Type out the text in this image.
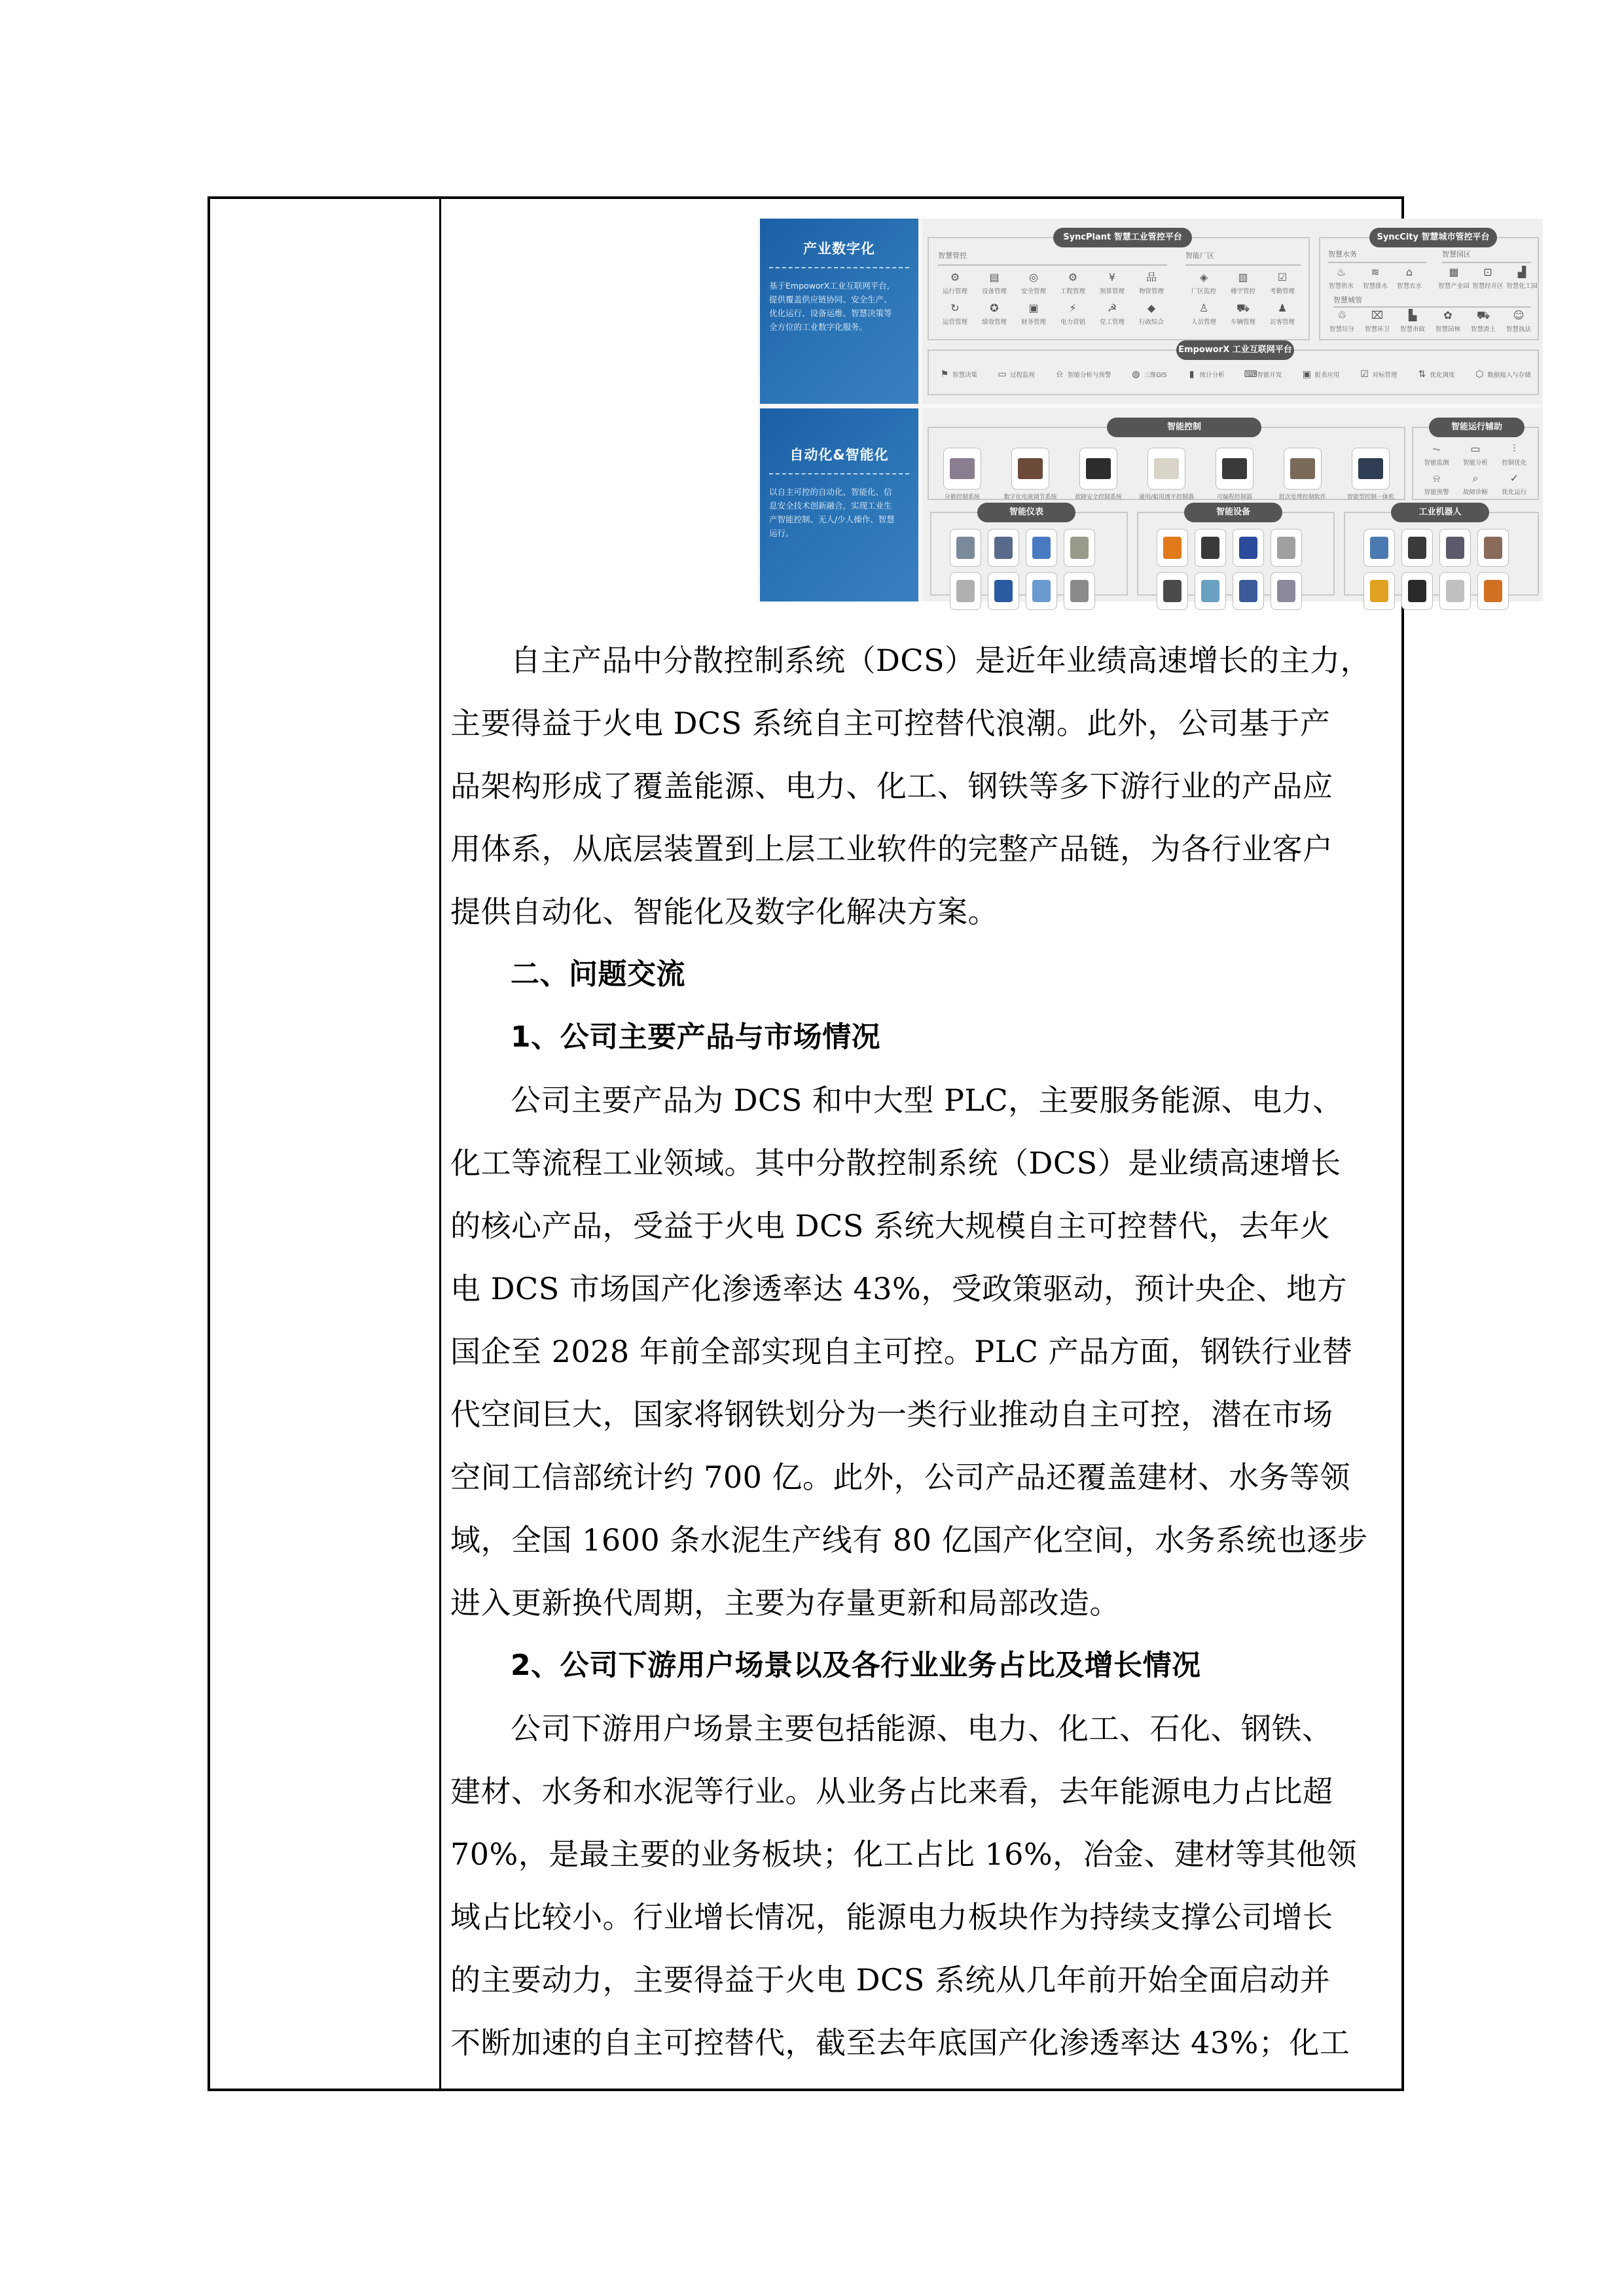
产业数字化
基于EmpoworX工业互联网平台,
提供覆盖供应链协同、安全生产、
优化运行、设备运维、智慧决策等
全方位的工业数字化服务。
SyncPlant 智慧工业管控平台
智慧管控	智能厂区
⚙
运行管理
▤
设备管理
◎
安全管理
⚙
工程管理
¥
预算管理
品
物资管理
↻
运营管理
✪
绩效管理
▣
财务管理
⚡
电力营销
☭
党工管理
◆
行政综合
◈
厂区监控
▥
楼宇管控
☑
考勤管理
♙
人员管理
⛟
车辆管理
♟
访客管理
SyncCity 智慧城市管控平台
智慧水务	智慧园区
♨
智慧供水
≋
智慧排水
⌂
智慧农水
▦
智慧产业园
⊡
智慧经开区
▟
智慧化工园
智慧城管
♲
智慧垃分
⌧
智慧环卫
▙
智慧市政
✿
智慧园林
⛟
智慧渣土
☺
智慧执法
EmpoworX 工业互联网平台
⚑ 智慧决策 ▭ 过程监视 ⍾ 智能分析与预警 ◍ 三维GIS ▮ 统计分析 ⌨ 智能开发 ▣ 报表应用 ☑ 对标管理 ⇅ 优化调度 ⬡ 数据接入与存储
自动化&智能化
以自主可控的自动化、智能化、信
息安全技术创新融合，实现工业生
产智能控制、无人/少人操作、智慧
运行。
智能控制
分散控制系统	数字化电液调节系统	故障安全控制系统	通用/船用透平控制器	可编程控制器	批次处理控制软件	智能型控制一体机
智能运行辅助
⏦
智能监测
▭
智能分析
⫶
控制优化
⍾
智能预警
⌕
故障诊断
✓
优化运行
智能仪表	智能设备	工业机器人
自主产品中分散控制系统（DCS）是近年业绩高速增长的主力，
主要得益于火电 DCS 系统自主可控替代浪潮。此外，公司基于产
品架构形成了覆盖能源、电力、化工、钢铁等多下游行业的产品应
用体系，从底层装置到上层工业软件的完整产品链，为各行业客户
提供自动化、智能化及数字化解决方案。
二、问题交流
1、公司主要产品与市场情况
公司主要产品为 DCS 和中大型 PLC，主要服务能源、电力、
化工等流程工业领域。其中分散控制系统（DCS）是业绩高速增长
的核心产品，受益于火电 DCS 系统大规模自主可控替代，去年火
电 DCS 市场国产化渗透率达 43%，受政策驱动，预计央企、地方
国企至 2028 年前全部实现自主可控。PLC 产品方面，钢铁行业替
代空间巨大，国家将钢铁划分为一类行业推动自主可控，潜在市场
空间工信部统计约 700 亿。此外，公司产品还覆盖建材、水务等领
域，全国 1600 条水泥生产线有 80 亿国产化空间，水务系统也逐步
进入更新换代周期，主要为存量更新和局部改造。
2、公司下游用户场景以及各行业业务占比及增长情况
公司下游用户场景主要包括能源、电力、化工、石化、钢铁、
建材、水务和水泥等行业。从业务占比来看，去年能源电力占比超
70%，是最主要的业务板块；化工占比 16%，冶金、建材等其他领
域占比较小。行业增长情况，能源电力板块作为持续支撑公司增长
的主要动力，主要得益于火电 DCS 系统从几年前开始全面启动并
不断加速的自主可控替代，截至去年底国产化渗透率达 43%；化工
